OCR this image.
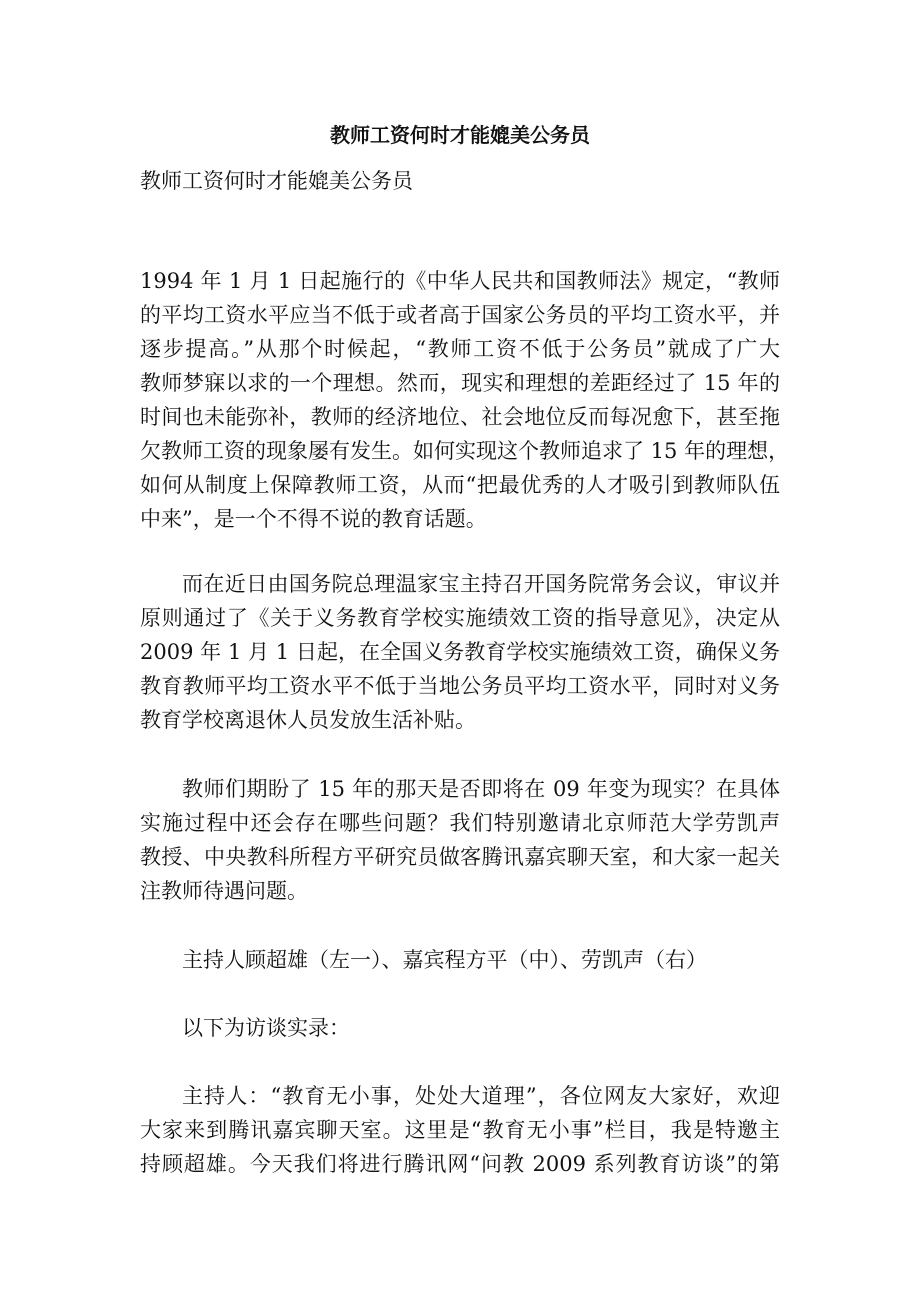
教师工资何时才能媲美公务员

教师工资何时才能媲美公务员

1994 年 1 月 1 日起施行的《中华人民共和国教师法》规定，“教师
的平均工资水平应当不低于或者高于国家公务员的平均工资水平，并
逐步提高。”从那个时候起，“教师工资不低于公务员”就成了广大
教师梦寐以求的一个理想。然而，现实和理想的差距经过了 15 年的
时间也未能弥补，教师的经济地位、社会地位反而每况愈下，甚至拖
欠教师工资的现象屡有发生。如何实现这个教师追求了 15 年的理想，
如何从制度上保障教师工资，从而“把最优秀的人才吸引到教师队伍
中来”，是一个不得不说的教育话题。

而在近日由国务院总理温家宝主持召开国务院常务会议，审议并
原则通过了《关于义务教育学校实施绩效工资的指导意见》，决定从
2009 年 1 月 1 日起，在全国义务教育学校实施绩效工资，确保义务
教育教师平均工资水平不低于当地公务员平均工资水平，同时对义务
教育学校离退休人员发放生活补贴。

教师们期盼了 15 年的那天是否即将在 09 年变为现实？在具体
实施过程中还会存在哪些问题？我们特别邀请北京师范大学劳凯声
教授、中央教科所程方平研究员做客腾讯嘉宾聊天室，和大家一起关
注教师待遇问题。

主持人顾超雄（左一）、嘉宾程方平（中）、劳凯声（右）

以下为访谈实录：

主持人：“教育无小事，处处大道理”，各位网友大家好，欢迎
大家来到腾讯嘉宾聊天室。这里是“教育无小事”栏目，我是特邀主
持顾超雄。今天我们将进行腾讯网“问教 2009 系列教育访谈”的第
